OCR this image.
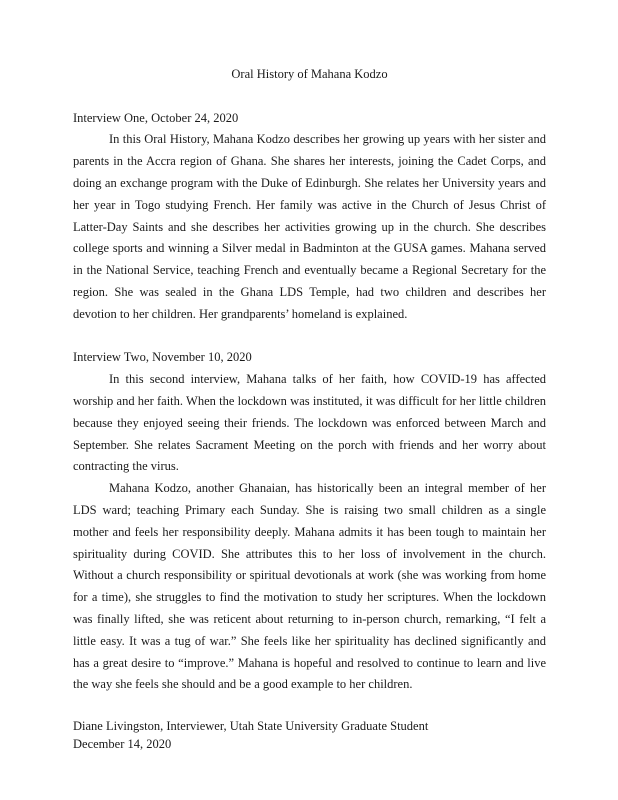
Oral History of Mahana Kodzo
Interview One, October 24, 2020

In this Oral History, Mahana Kodzo describes her growing up years with her sister and parents in the Accra region of Ghana. She shares her interests, joining the Cadet Corps, and doing an exchange program with the Duke of Edinburgh. She relates her University years and her year in Togo studying French. Her family was active in the Church of Jesus Christ of Latter-Day Saints and she describes her activities growing up in the church. She describes college sports and winning a Silver medal in Badminton at the GUSA games. Mahana served in the National Service, teaching French and eventually became a Regional Secretary for the region. She was sealed in the Ghana LDS Temple, had two children and describes her devotion to her children. Her grandparents’ homeland is explained.

Interview Two, November 10, 2020

In this second interview, Mahana talks of her faith, how COVID-19 has affected worship and her faith. When the lockdown was instituted, it was difficult for her little children because they enjoyed seeing their friends. The lockdown was enforced between March and September. She relates Sacrament Meeting on the porch with friends and her worry about contracting the virus.

Mahana Kodzo, another Ghanaian, has historically been an integral member of her LDS ward; teaching Primary each Sunday. She is raising two small children as a single mother and feels her responsibility deeply. Mahana admits it has been tough to maintain her spirituality during COVID. She attributes this to her loss of involvement in the church. Without a church responsibility or spiritual devotionals at work (she was working from home for a time), she struggles to find the motivation to study her scriptures. When the lockdown was finally lifted, she was reticent about returning to in-person church, remarking, “I felt a little easy. It was a tug of war.” She feels like her spirituality has declined significantly and has a great desire to “improve.” Mahana is hopeful and resolved to continue to learn and live the way she feels she should and be a good example to her children.

Diane Livingston, Interviewer, Utah State University Graduate Student

December 14, 2020
